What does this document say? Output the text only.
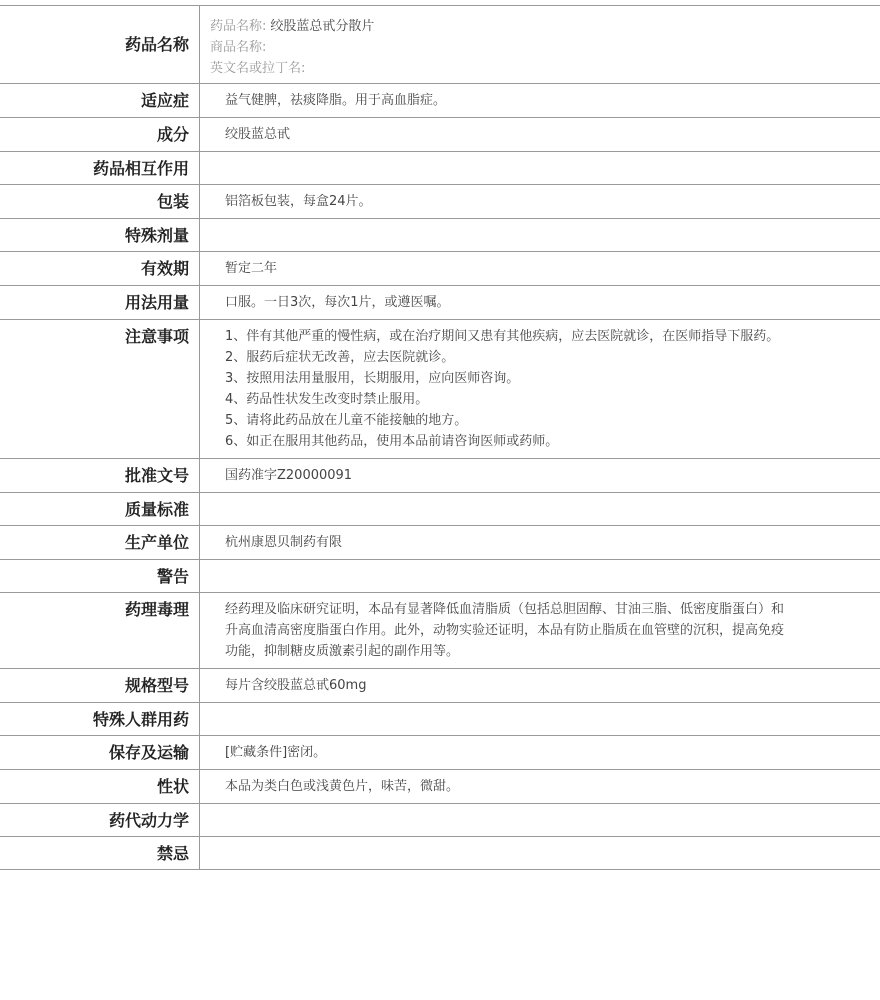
药品名称
药品名称: 绞股蓝总甙分散片
商品名称:
英文名或拉丁名:
适应症	益气健脾，祛痰降脂。用于高血脂症。
成分	绞股蓝总甙
药品相互作用
包装	铝箔板包装，每盒24片。
特殊剂量
有效期	暂定二年
用法用量	口服。一日3次，每次1片，或遵医嘱。
注意事项	1、伴有其他严重的慢性病，或在治疗期间又患有其他疾病，应去医院就诊，在医师指导下服药。

2、服药后症状无改善，应去医院就诊。

3、按照用法用量服用，长期服用，应向医师咨询。

4、药品性状发生改变时禁止服用。

5、请将此药品放在儿童不能接触的地方。

6、如正在服用其他药品，使用本品前请咨询医师或药师。

批准文号	国药准字Z20000091
质量标准
生产单位	杭州康恩贝制药有限
警告
药理毒理	经药理及临床研究证明，本品有显著降低血清脂质（包括总胆固醇、甘油三脂、低密度脂蛋白）和升高血清高密度脂蛋白作用。此外，动物实验还证明，本品有防止脂质在血管壁的沉积，提高免疫功能，抑制糖皮质激素引起的副作用等。
规格型号	每片含绞股蓝总甙60mg
特殊人群用药
保存及运输	[贮藏条件]密闭。
性状	本品为类白色或浅黄色片，味苦，微甜。
药代动力学
禁忌
